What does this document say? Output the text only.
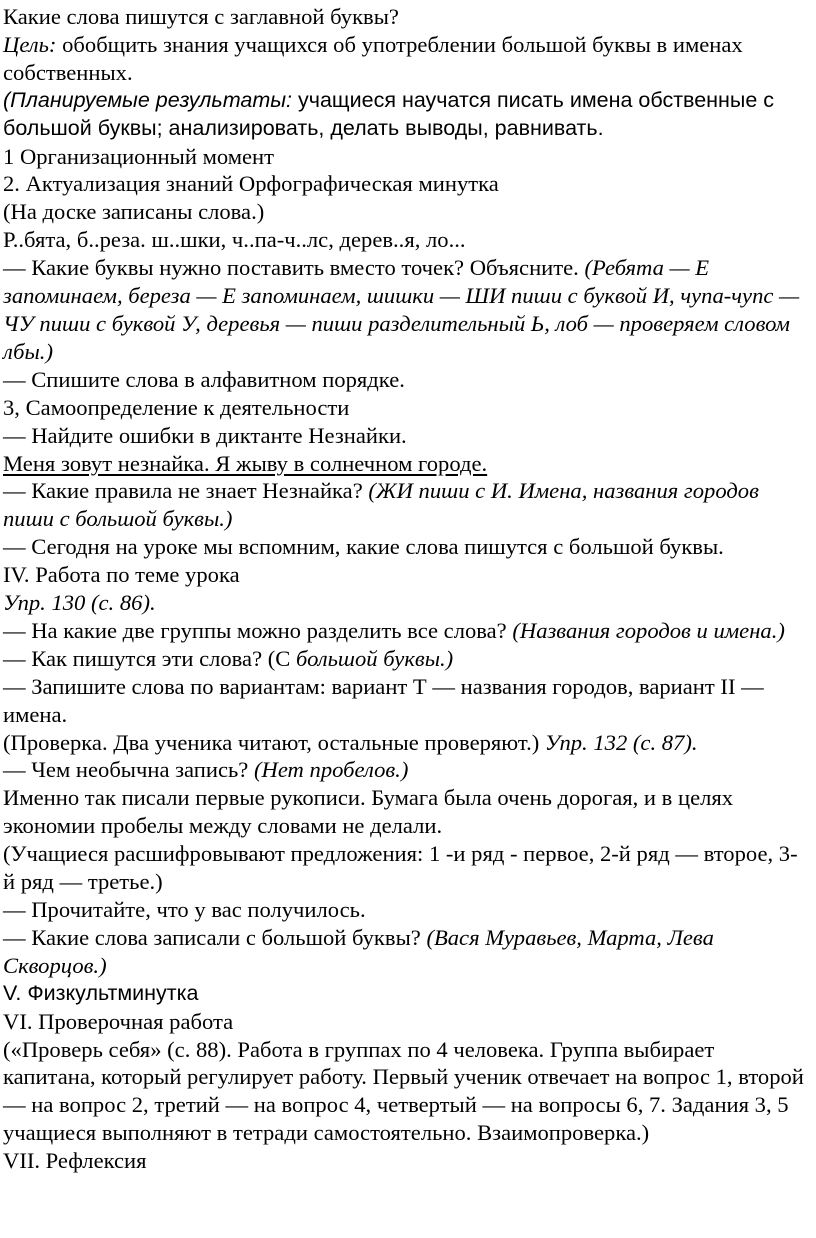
Какие слова пишутся с заглавной буквы?

Цель: обобщить знания учащихся об употреблении большой буквы в именах собственных.

(Планируемые результаты: учащиеся научатся писать имена обственные с большой буквы; анализировать, делать выводы, равнивать.

1 Организационный момент

2. Актуализация знаний Орфографическая минутка

(На доске записаны слова.)

Р..бята, б..реза. ш..шки, ч..па-ч..лс, дерев..я, ло...

— Какие буквы нужно поставить вместо точек? Объясните. (Ребята — Е запоминаем, береза — Е запоминаем, шишки — ШИ пиши с буквой И, чупа-чупс — ЧУ пиши с буквой У, деревья — пиши разделительный Ь, лоб — проверяем словом лбы.)

— Спишите слова в алфавитном порядке.

3, Самоопределение к деятельности

— Найдите ошибки в диктанте Незнайки.

Меня зовут незнайка. Я жыву в солнечном городе.

— Какие правила не знает Незнайка? (ЖИ пиши с И. Имена, названия городов пиши с большой буквы.)

— Сегодня на уроке мы вспомним, какие слова пишутся с большой буквы.

IV. Работа по теме урока

Упр. 130 (с. 86).

— На какие две группы можно разделить все слова? (Названия городов и имена.)

— Как пишутся эти слова? (С большой буквы.)

— Запишите слова по вариантам: вариант Т — названия городов, вариант II — имена.

(Проверка. Два ученика читают, остальные проверяют.) Упр. 132 (с. 87).

— Чем необычна запись? (Нет пробелов.)

Именно так писали первые рукописи. Бумага была очень дорогая, и в целях экономии пробелы между словами не делали.

(Учащиеся расшифровывают предложения: 1 -и ряд - первое, 2-й ряд — второе, 3-й ряд — третье.)

— Прочитайте, что у вас получилось.

— Какие слова записали с большой буквы? (Вася Муравьев, Марта, Лева Скворцов.)

V. Физкультминутка

VI. Проверочная работа

(«Проверь себя» (с. 88). Работа в группах по 4 человека. Группа выбирает капитана, который регулирует работу. Первый ученик отвечает на вопрос 1, второй — на вопрос 2, третий — на вопрос 4, четвертый — на вопросы 6, 7. Задания 3, 5 учащиеся выполняют в тетради самостоятельно. Взаимопроверка.)

VII. Рефлексия
